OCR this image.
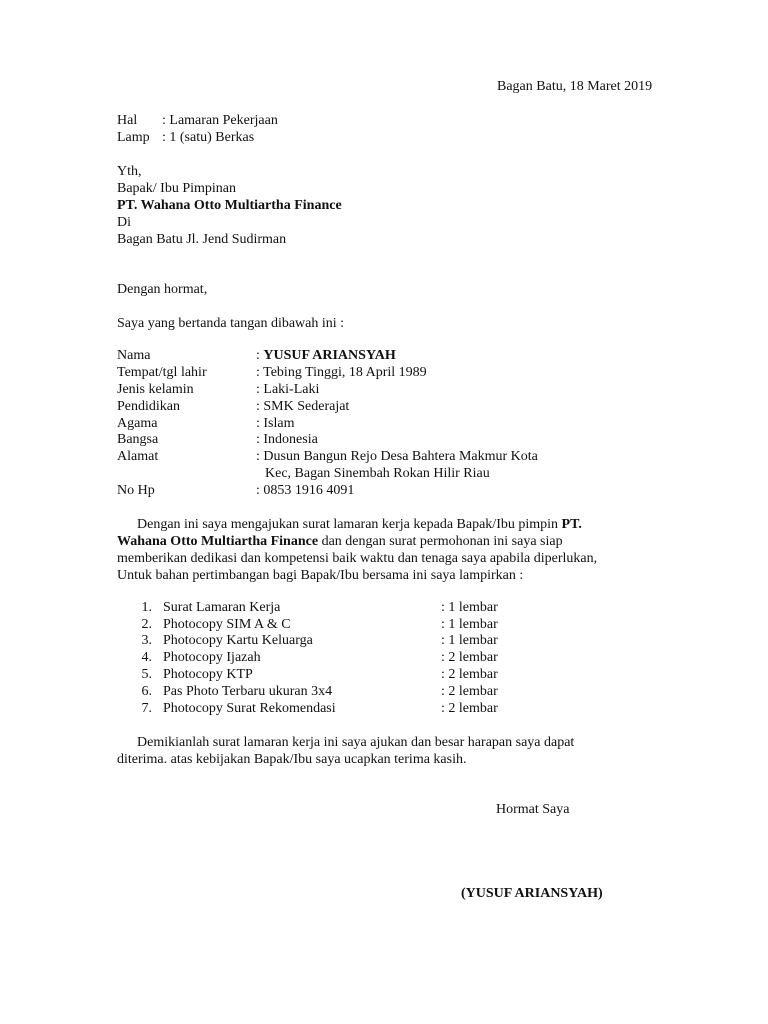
Bagan Batu, 18 Maret 2019
Hal : Lamaran Pekerjaan
Lamp : 1 (satu) Berkas
Yth,
Bapak/ Ibu Pimpinan
PT. Wahana Otto Multiartha Finance
Di
Bagan Batu Jl. Jend Sudirman
Dengan hormat,
Saya yang bertanda tangan dibawah ini :
Nama	: YUSUF ARIANSYAH
Tempat/tgl lahir	: Tebing Tinggi, 18 April 1989
Jenis kelamin	: Laki-Laki
Pendidikan	: SMK Sederajat
Agama	: Islam
Bangsa	: Indonesia
Alamat	: Dusun Bangun Rejo Desa Bahtera Makmur Kota
Kec, Bagan Sinembah Rokan Hilir Riau
No Hp	: 0853 1916 4091
Dengan ini saya mengajukan surat lamaran kerja kepada Bapak/Ibu pimpin PT.
Wahana Otto Multiartha Finance dan dengan surat permohonan ini saya siap
memberikan dedikasi dan kompetensi baik waktu dan tenaga saya apabila diperlukan,
Untuk bahan pertimbangan bagi Bapak/Ibu bersama ini saya lampirkan :
1. Surat Lamaran Kerja	: 1 lembar
2. Photocopy SIM A & C	: 1 lembar
3. Photocopy Kartu Keluarga	: 1 lembar
4. Photocopy Ijazah	: 2 lembar
5. Photocopy KTP	: 2 lembar
6. Pas Photo Terbaru ukuran 3x4	: 2 lembar
7. Photocopy Surat Rekomendasi	: 2 lembar
Demikianlah surat lamaran kerja ini saya ajukan dan besar harapan saya dapat
diterima. atas kebijakan Bapak/Ibu saya ucapkan terima kasih.
Hormat Saya
(YUSUF ARIANSYAH)
